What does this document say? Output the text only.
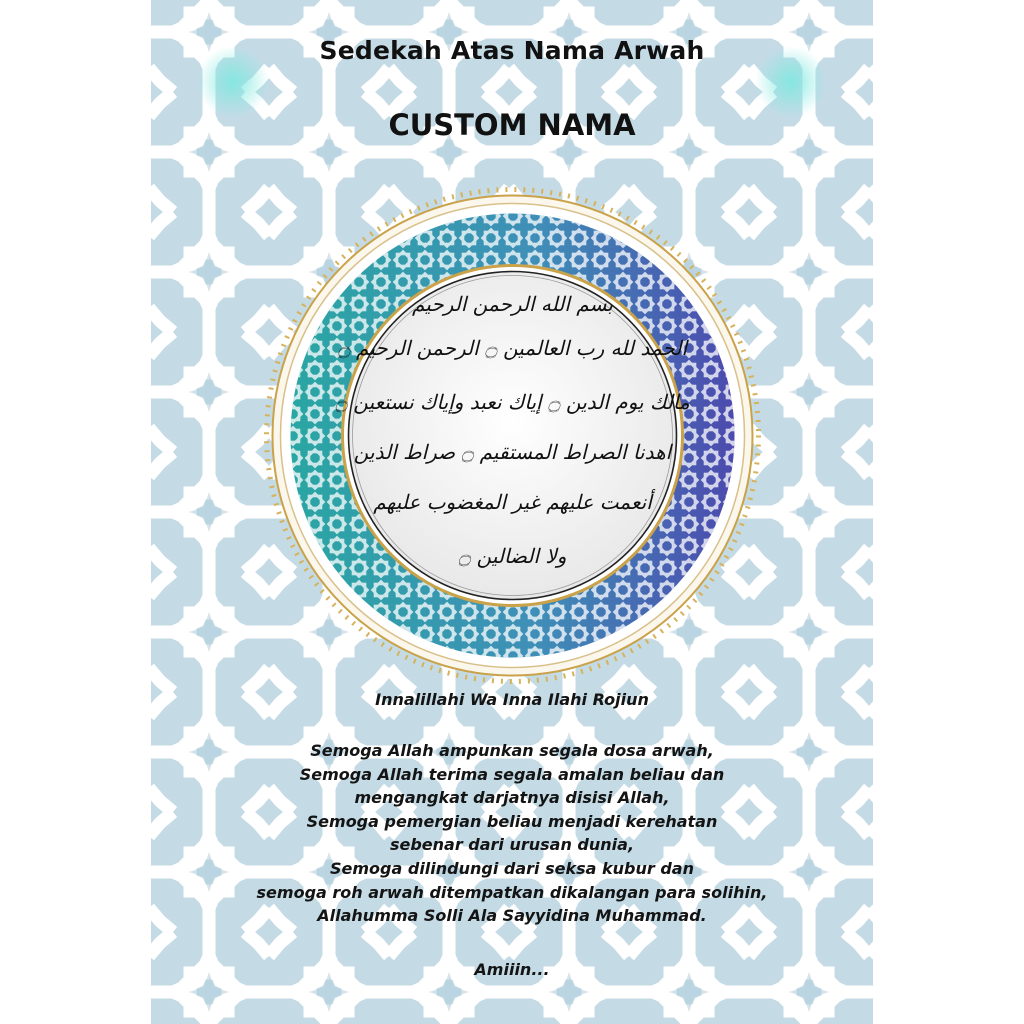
Sedekah Atas Nama Arwah
CUSTOM NAMA
بسم الله الرحمن الرحيم
الحمد لله رب العالمين ۝ الرحمن الرحيم ۝
مالك يوم الدين ۝ إياك نعبد وإياك نستعين ۝
اهدنا الصراط المستقيم ۝ صراط الذين
أنعمت عليهم غير المغضوب عليهم
ولا الضالين ۝
Innalillahi Wa Inna Ilahi Rojiun
Semoga Allah ampunkan segala dosa arwah,
Semoga Allah terima segala amalan beliau dan
mengangkat darjatnya disisi Allah,
Semoga pemergian beliau menjadi kerehatan
sebenar dari urusan dunia,
Semoga dilindungi dari seksa kubur dan
semoga roh arwah ditempatkan dikalangan para solihin,
Allahumma Solli Ala Sayyidina Muhammad.
Amiiin...
